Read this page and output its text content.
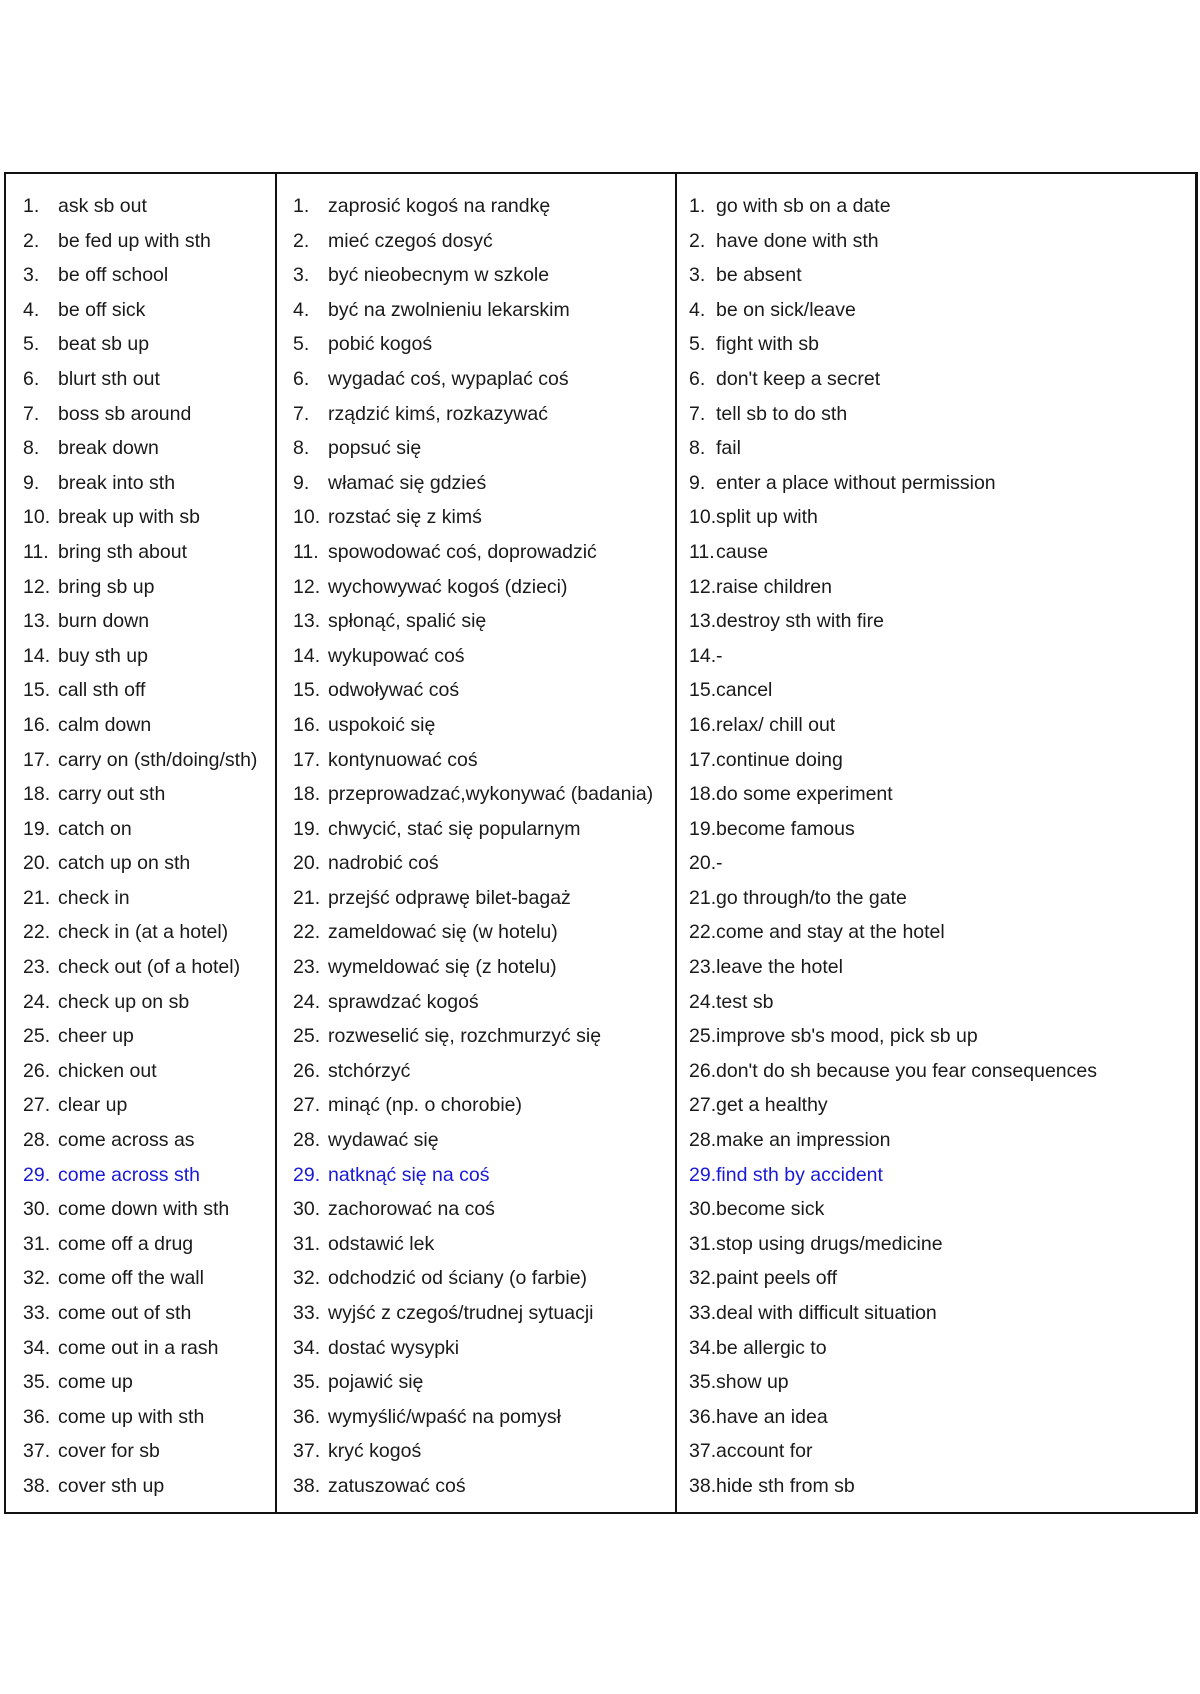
1. ask sb out
2. be fed up with sth
3. be off school
4. be off sick
5. beat sb up
6. blurt sth out
7. boss sb around
8. break down
9. break into sth
10. break up with sb
11. bring sth about
12. bring sb up
13. burn down
14. buy sth up
15. call sth off
16. calm down
17. carry on (sth/doing/sth)
18. carry out sth
19. catch on
20. catch up on sth
21. check in
22. check in (at a hotel)
23. check out (of a hotel)
24. check up on sb
25. cheer up
26. chicken out
27. clear up
28. come across as
29. come across sth
30. come down with sth
31. come off a drug
32. come off the wall
33. come out of sth
34. come out in a rash
35. come up
36. come up with sth
37. cover for sb
38. cover sth up
1. zaprosić kogoś na randkę
2. mieć czegoś dosyć
3. być nieobecnym w szkole
4. być na zwolnieniu lekarskim
5. pobić kogoś
6. wygadać coś, wypaplać coś
7. rządzić kimś, rozkazywać
8. popsuć się
9. włamać się gdzieś
10. rozstać się z kimś
11. spowodować coś, doprowadzić
12. wychowywać kogoś (dzieci)
13. spłonąć, spalić się
14. wykupować coś
15. odwoływać coś
16. uspokoić się
17. kontynuować coś
18. przeprowadzać,wykonywać (badania)
19. chwycić, stać się popularnym
20. nadrobić coś
21. przejść odprawę bilet-bagaż
22. zameldować się (w hotelu)
23. wymeldować się (z hotelu)
24. sprawdzać kogoś
25. rozweselić się, rozchmurzyć się
26. stchórzyć
27. minąć (np. o chorobie)
28. wydawać się
29. natknąć się na coś
30. zachorować na coś
31. odstawić lek
32. odchodzić od ściany (o farbie)
33. wyjść z czegoś/trudnej sytuacji
34. dostać wysypki
35. pojawić się
36. wymyślić/wpaść na pomysł
37. kryć kogoś
38. zatuszować coś
1. go with sb on a date
2. have done with sth
3. be absent
4. be on sick/leave
5. fight with sb
6. don't keep a secret
7. tell sb to do sth
8. fail
9. enter a place without permission
10. split up with
11. cause
12. raise children
13. destroy sth with fire
14. -
15. cancel
16. relax/ chill out
17. continue doing
18. do some experiment
19. become famous
20. -
21. go through/to the gate
22. come and stay at the hotel
23. leave the hotel
24. test sb
25. improve sb's mood, pick sb up
26. don't do sh because you fear consequences
27. get a healthy
28. make an impression
29. find sth by accident
30. become sick
31. stop using drugs/medicine
32. paint peels off
33. deal with difficult situation
34. be allergic to
35. show up
36. have an idea
37. account for
38. hide sth from sb
